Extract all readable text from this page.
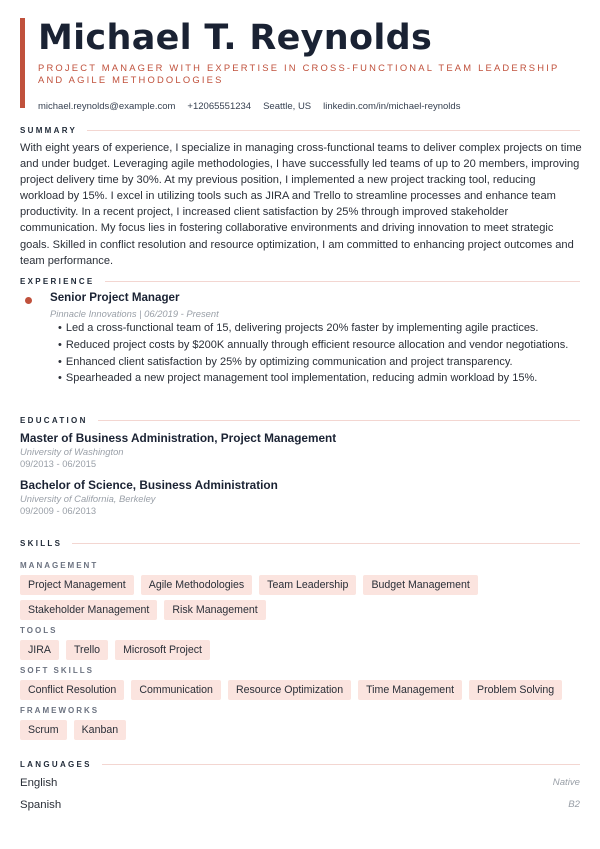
Michael T. Reynolds
PROJECT MANAGER WITH EXPERTISE IN CROSS-FUNCTIONAL TEAM LEADERSHIP AND AGILE METHODOLOGIES
michael.reynolds@example.com +12065551234 Seattle, US linkedin.com/in/michael-reynolds
SUMMARY

With eight years of experience, I specialize in managing cross-functional teams to deliver complex projects on time and under budget. Leveraging agile methodologies, I have successfully led teams of up to 20 members, improving project delivery time by 30%. At my previous position, I implemented a new project tracking tool, reducing workload by 15%. I excel in utilizing tools such as JIRA and Trello to streamline processes and enhance team productivity. In a recent project, I increased client satisfaction by 25% through improved stakeholder communication. My focus lies in fostering collaborative environments and driving innovation to meet strategic goals. Skilled in conflict resolution and resource optimization, I am committed to enhancing project outcomes and team performance.

EXPERIENCE
Senior Project Manager
Pinnacle Innovations | 06/2019 - Present
• Led a cross-functional team of 15, delivering projects 20% faster by implementing agile practices.
• Reduced project costs by $200K annually through efficient resource allocation and vendor negotiations.
• Enhanced client satisfaction by 25% by optimizing communication and project transparency.
• Spearheaded a new project management tool implementation, reducing admin workload by 15%.
EDUCATION
Master of Business Administration, Project Management
University of Washington
09/2013 - 06/2015
Bachelor of Science, Business Administration
University of California, Berkeley
09/2009 - 06/2013
SKILLS
MANAGEMENT
Project Management	Agile Methodologies	Team Leadership	Budget Management
Stakeholder Management	Risk Management
TOOLS
JIRA	Trello	Microsoft Project
SOFT SKILLS
Conflict Resolution	Communication	Resource Optimization	Time Management	Problem Solving
FRAMEWORKS
Scrum	Kanban
LANGUAGES
English	Native
Spanish	B2
